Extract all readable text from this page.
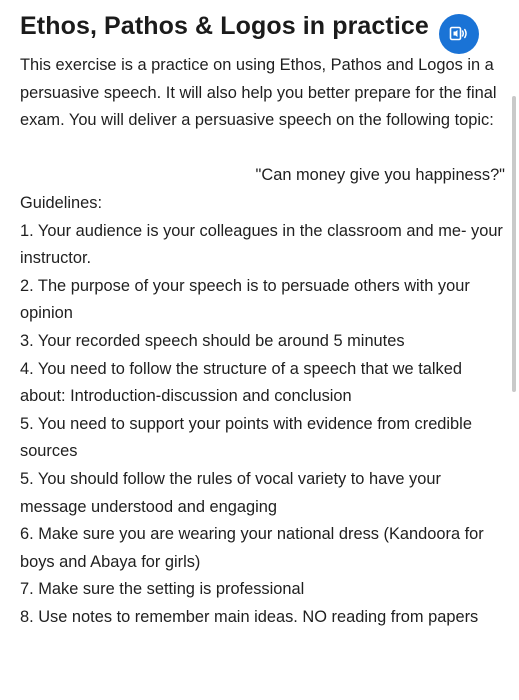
Ethos, Pathos & Logos in practice

This exercise is a practice on using Ethos, Pathos and Logos in a persuasive speech. It will also help you better prepare for the final exam. You will deliver a persuasive speech on the following topic:

"Can money give you happiness?"

Guidelines:

1. Your audience is your colleagues in the classroom and me- your instructor.
2. The purpose of your speech is to persuade others with your opinion
3. Your recorded speech should be around 5 minutes
4. You need to follow the structure of a speech that we talked about: Introduction-discussion and conclusion
5. You need to support your points with evidence from credible sources
5. You should follow the rules of vocal variety to have your message understood and engaging
6. Make sure you are wearing your national dress (Kandoora for boys and Abaya for girls)
7. Make sure the setting is professional
8. Use notes to remember main ideas. NO reading from papers
